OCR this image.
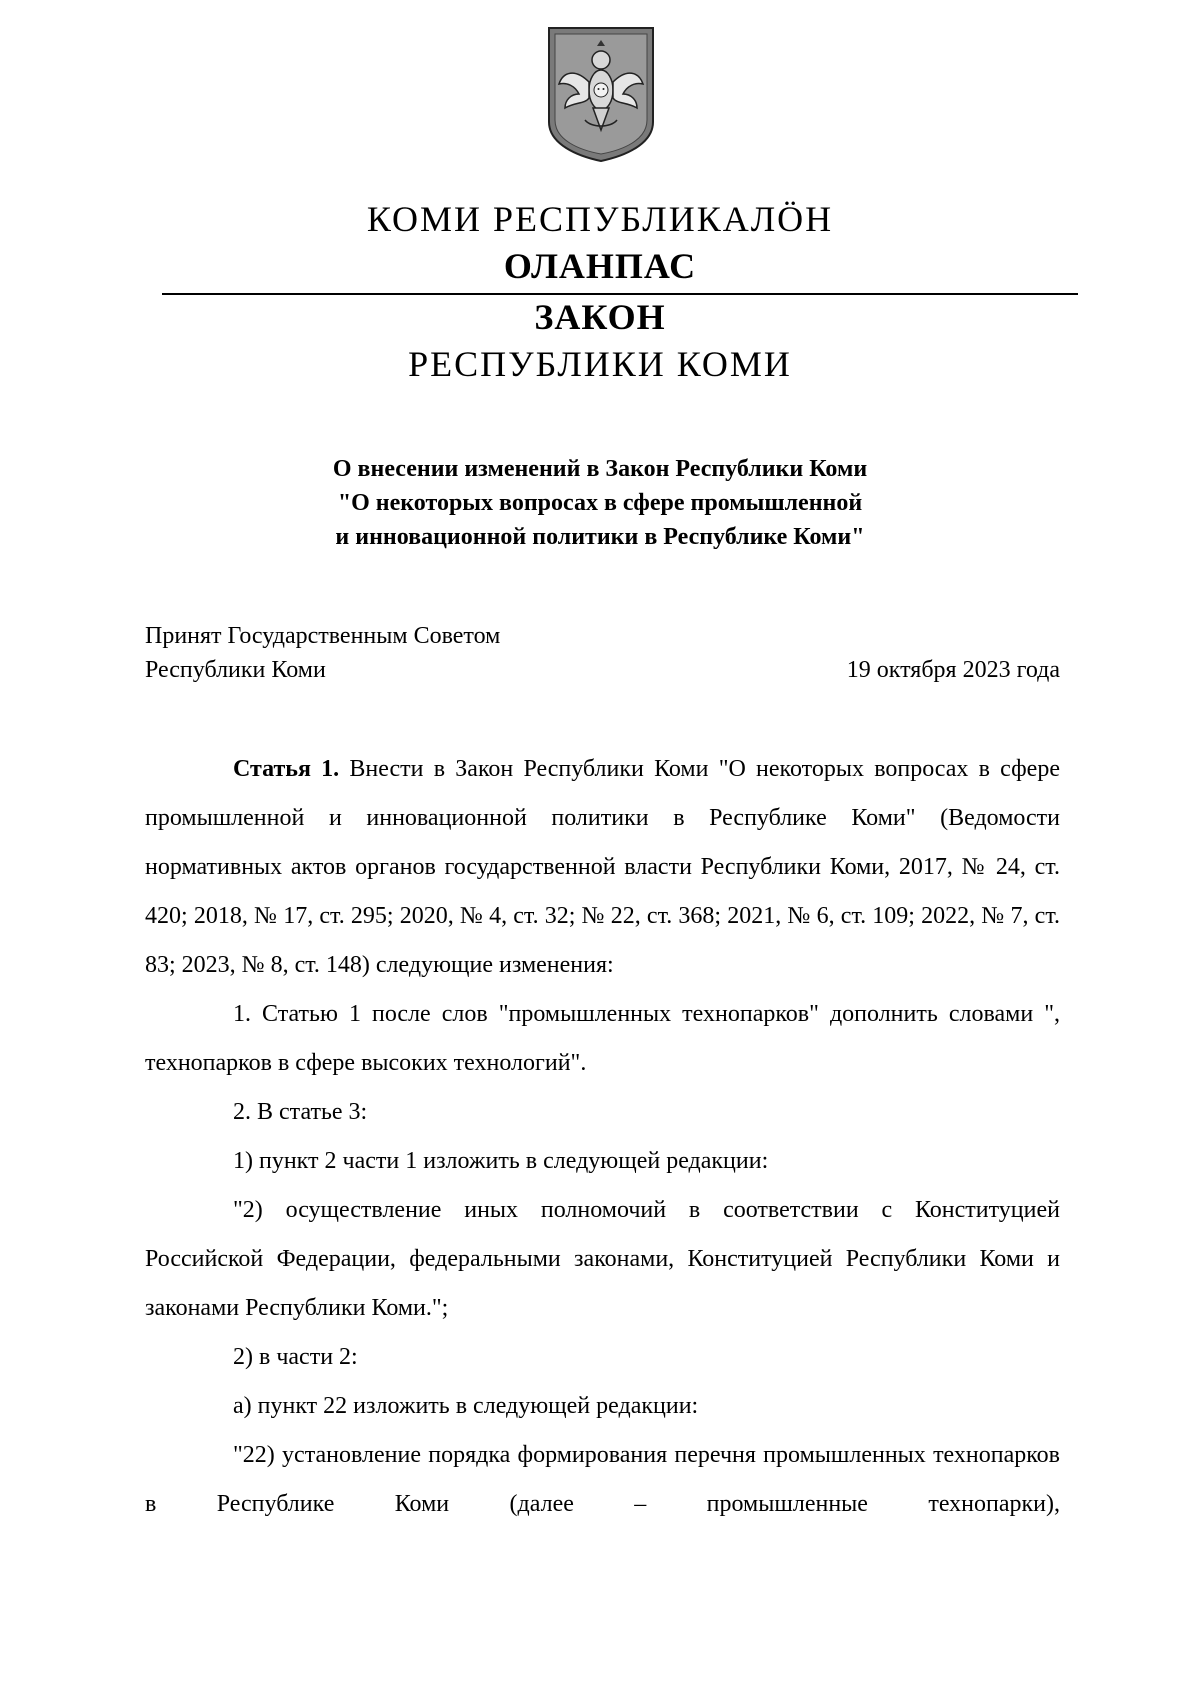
КОМИ РЕСПУБЛИКАЛÖН
ОЛАНПАС
ЗАКОН
РЕСПУБЛИКИ КОМИ
О внесении изменений в Закон Республики Коми
"О некоторых вопросах в сфере промышленной
и инновационной политики в Республике Коми"
Принят Государственным Советом
Республики Коми	19 октября 2023 года

Статья 1. Внести в Закон Республики Коми "О некоторых вопросах в сфере промышленной и инновационной политики в Республике Коми" (Ведомости нормативных актов органов государственной власти Республики Коми, 2017, № 24, ст. 420; 2018, № 17, ст. 295; 2020, № 4, ст. 32; № 22, ст. 368; 2021, № 6, ст. 109; 2022, № 7, ст. 83; 2023, № 8, ст. 148) следующие изменения:

1. Статью 1 после слов "промышленных технопарков" дополнить словами ", технопарков в сфере высоких технологий".

2. В статье 3:

1) пункт 2 части 1 изложить в следующей редакции:

"2) осуществление иных полномочий в соответствии с Конституцией Российской Федерации, федеральными законами, Конституцией Республики Коми и законами Республики Коми.";

2) в части 2:

а) пункт 22 изложить в следующей редакции:

"22) установление порядка формирования перечня промышленных технопарков в Республике Коми (далее – промышленные технопарки),
